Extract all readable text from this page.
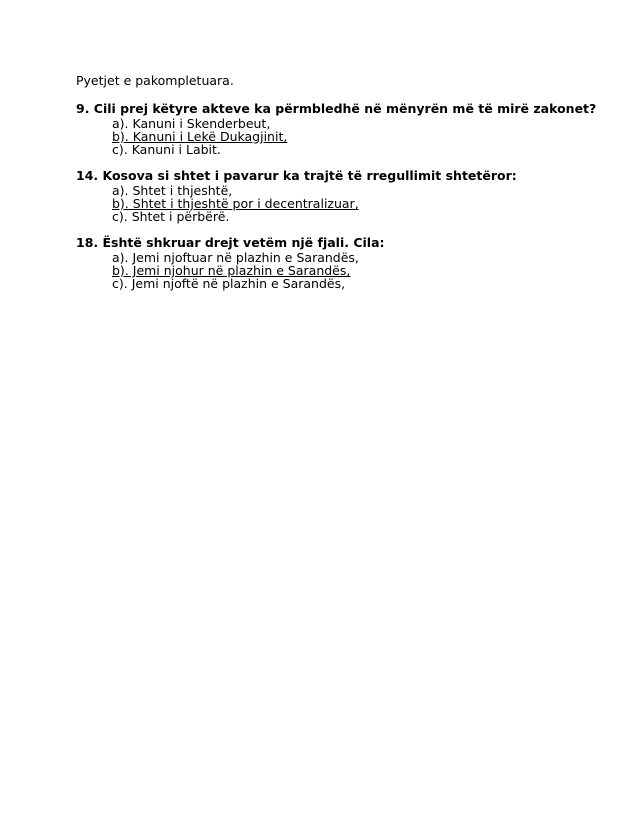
Pyetjet e pakompletuara.
9. Cili prej këtyre akteve ka përmbledhë në mënyrën më të mirë zakonet?
a). Kanuni i Skenderbeut,
b). Kanuni i Lekë Dukagjinit,
c). Kanuni i Labit.
14. Kosova si shtet i pavarur ka trajtë të rregullimit shtetëror:
a). Shtet i thjeshtë,
b). Shtet i thjeshtë por i decentralizuar,
c). Shtet i përbërë.
18. Është shkruar drejt vetëm një fjali. Cila:
a). Jemi njoftuar në plazhin e Sarandës,
b). Jemi njohur në plazhin e Sarandës,
c). Jemi njoftë në plazhin e Sarandës,
